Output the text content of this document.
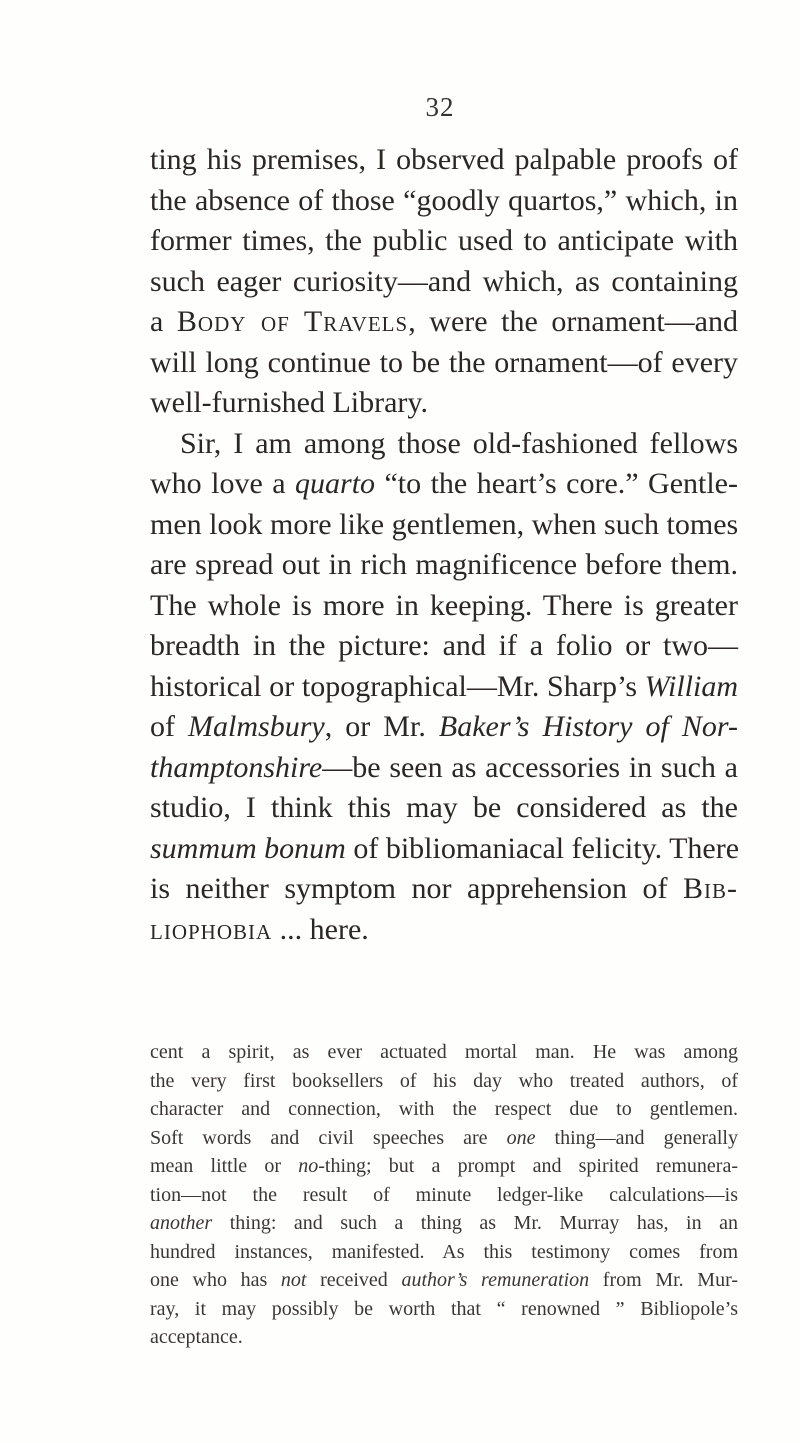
32
ting his premises, I observed palpable proofs of
the absence of those “goodly quartos,” which, in
former times, the public used to anticipate with
such eager curiosity—and which, as containing
a Body of Travels, were the ornament—and
will long continue to be the ornament—of every
well-furnished Library.
Sir, I am among those old-fashioned fellows
who love a quarto “to the heart’s core.” Gentle-
men look more like gentlemen, when such tomes
are spread out in rich magnificence before them.
The whole is more in keeping. There is greater
breadth in the picture: and if a folio or two—
historical or topographical—Mr. Sharp’s William
of Malmsbury, or Mr. Baker’s History of Nor-
thamptonshire—be seen as accessories in such a
studio, I think this may be considered as the
summum bonum of bibliomaniacal felicity. There
is neither symptom nor apprehension of Bib-
liophobia ... here.
cent a spirit, as ever actuated mortal man. He was among
the very first booksellers of his day who treated authors, of
character and connection, with the respect due to gentlemen.
Soft words and civil speeches are one thing—and generally
mean little or no-thing; but a prompt and spirited remunera-
tion—not the result of minute ledger-like calculations—is
another thing: and such a thing as Mr. Murray has, in an
hundred instances, manifested. As this testimony comes from
one who has not received author’s remuneration from Mr. Mur-
ray, it may possibly be worth that “ renowned ” Bibliopole’s
acceptance.
